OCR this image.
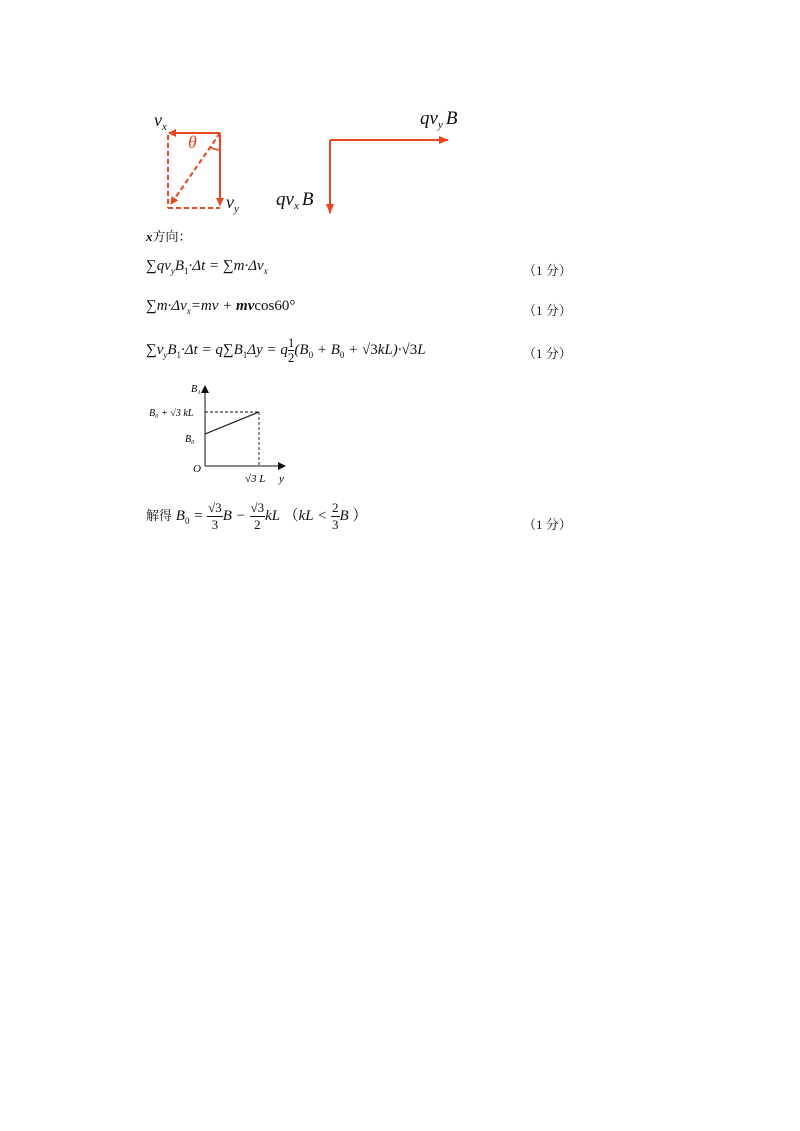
θ
$v_x$
$v_y$
$qv_y$ B
$qv_x$ B
x方向：
$\sum qv_yB_1\cdot\Delta t = \sum m\cdot\Delta v_x$	（1 分）
$\sum m\cdot\Delta v_x=mv + mvcos60^\circ$	（1 分）
$\sum v_yB_1\cdot\Delta t = q\sum B_1\Delta y = q \frac{1}{2} (B_0 + B_0 + √3kL)\cdot√3L$	（1 分）
B₁
B₀ + √3 kL
B₀
O
√3 L y
解得 $B_0 = \frac{√3}{3}$ $B - \frac{√3}{2}$ kL （$kL < \frac{2}{3}$ B ）
（1 分）
